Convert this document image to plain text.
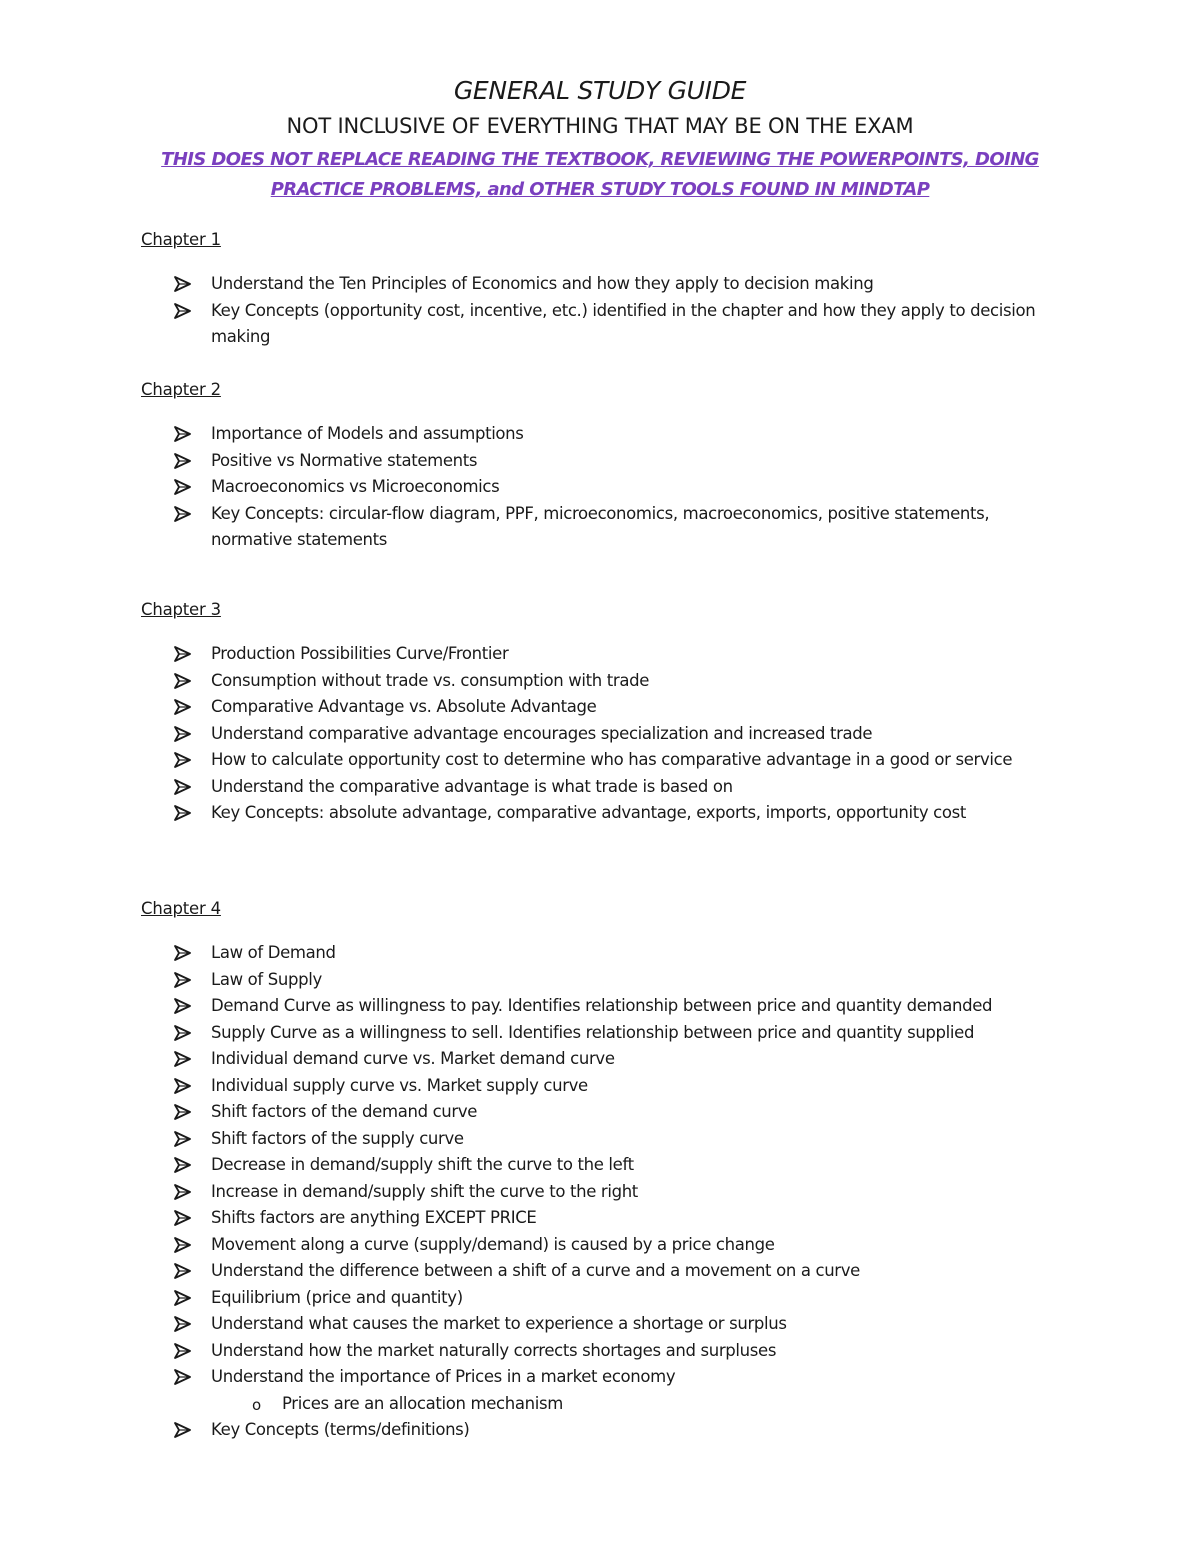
GENERAL STUDY GUIDE
NOT INCLUSIVE OF EVERYTHING THAT MAY BE ON THE EXAM
THIS DOES NOT REPLACE READING THE TEXTBOOK, REVIEWING THE POWERPOINTS, DOING
PRACTICE PROBLEMS, and OTHER STUDY TOOLS FOUND IN MINDTAP
Chapter 1
Understand the Ten Principles of Economics and how they apply to decision making
Key Concepts (opportunity cost, incentive, etc.) identified in the chapter and how they apply to decision making
Chapter 2
Importance of Models and assumptions
Positive vs Normative statements
Macroeconomics vs Microeconomics
Key Concepts: circular-flow diagram, PPF, microeconomics, macroeconomics, positive statements, normative statements
Chapter 3
Production Possibilities Curve/Frontier
Consumption without trade vs. consumption with trade
Comparative Advantage vs. Absolute Advantage
Understand comparative advantage encourages specialization and increased trade
How to calculate opportunity cost to determine who has comparative advantage in a good or service
Understand the comparative advantage is what trade is based on
Key Concepts: absolute advantage, comparative advantage, exports, imports, opportunity cost
Chapter 4
Law of Demand
Law of Supply
Demand Curve as willingness to pay. Identifies relationship between price and quantity demanded
Supply Curve as a willingness to sell. Identifies relationship between price and quantity supplied
Individual demand curve vs. Market demand curve
Individual supply curve vs. Market supply curve
Shift factors of the demand curve
Shift factors of the supply curve
Decrease in demand/supply shift the curve to the left
Increase in demand/supply shift the curve to the right
Shifts factors are anything EXCEPT PRICE
Movement along a curve (supply/demand) is caused by a price change
Understand the difference between a shift of a curve and a movement on a curve
Equilibrium (price and quantity)
Understand what causes the market to experience a shortage or surplus
Understand how the market naturally corrects shortages and surpluses
Understand the importance of Prices in a market economy
o Prices are an allocation mechanism
Key Concepts (terms/definitions)
